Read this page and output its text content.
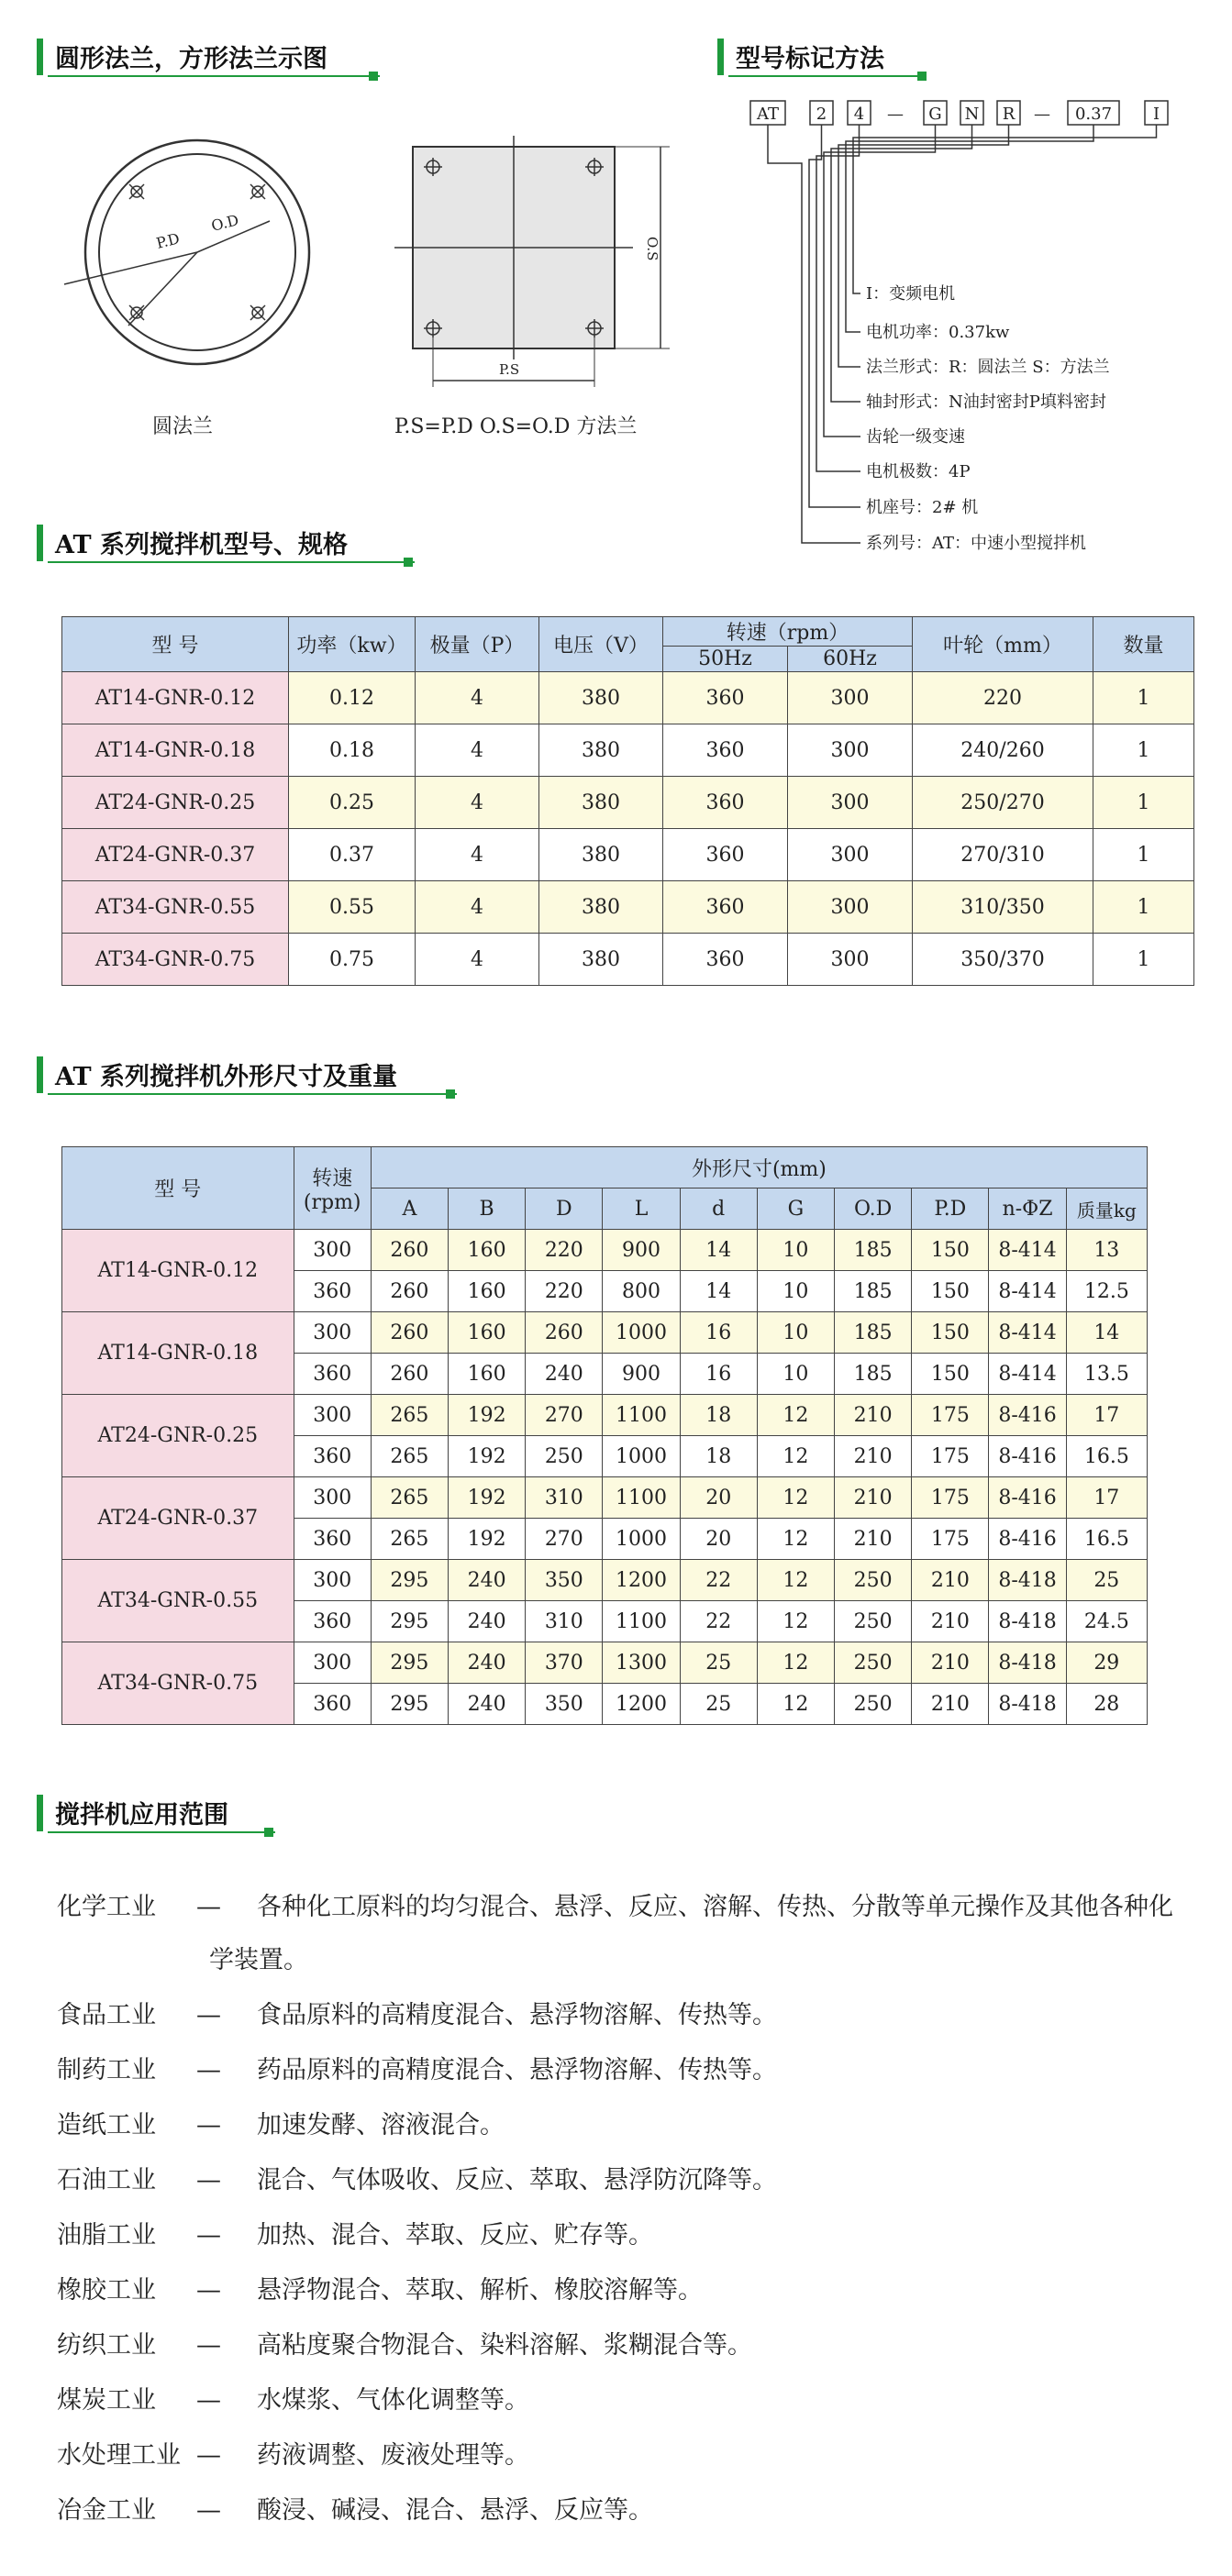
圆形法兰，方形法兰示图	型号标记方法
P.D
O.D
圆法兰
P.S
O.S
P.S=P.D O.S=O.D 方法兰
AT 2 4	G N R	0.37 I
—	—
I：变频电机
电机功率：0.37kw
法兰形式：R：圆法兰 S：方法兰
轴封形式：N油封密封P填料密封
齿轮一级变速
电机极数：4P
机座号：2# 机
系列号：AT：中速小型搅拌机
AT 系列搅拌机型号、规格
型 号	功率（kw）	极量（P）	电压（V）	转速（rpm）		叶轮（mm）	数量
				50Hz	60Hz		
AT14-GNR-0.12	0.12	4	380	360	300	220	1
AT14-GNR-0.18	0.18	4	380	360	300	240/260	1
AT24-GNR-0.25	0.25	4	380	360	300	250/270	1
AT24-GNR-0.37	0.37	4	380	360	300	270/310	1
AT34-GNR-0.55	0.55	4	380	360	300	310/350	1
AT34-GNR-0.75	0.75	4	380	360	300	350/370	1
AT 系列搅拌机外形尺寸及重量
型 号	转速
(rpm)	外形尺寸(mm)									
		A	B	D	L	d	G	O.D	P.D	n-ΦZ	质量kg
AT14-GNR-0.12	300	260	160	220	900	14	10	185	150	8-414	13
	360	260	160	220	800	14	10	185	150	8-414	12.5
AT14-GNR-0.18	300	260	160	260	1000	16	10	185	150	8-414	14
	360	260	160	240	900	16	10	185	150	8-414	13.5
AT24-GNR-0.25	300	265	192	270	1100	18	12	210	175	8-416	17
	360	265	192	250	1000	18	12	210	175	8-416	16.5
AT24-GNR-0.37	300	265	192	310	1100	20	12	210	175	8-416	17
	360	265	192	270	1000	20	12	210	175	8-416	16.5
AT34-GNR-0.55	300	295	240	350	1200	22	12	250	210	8-418	25
	360	295	240	310	1100	22	12	250	210	8-418	24.5
AT34-GNR-0.75	300	295	240	370	1300	25	12	250	210	8-418	29
	360	295	240	350	1200	25	12	250	210	8-418	28
搅拌机应用范围
化学工业 — 各种化工原料的均匀混合、悬浮、反应、溶解、传热、分散等单元操作及其他各种化
学装置。
食品工业 — 食品原料的高精度混合、悬浮物溶解、传热等。
制药工业 — 药品原料的高精度混合、悬浮物溶解、传热等。
造纸工业 — 加速发酵、溶液混合。
石油工业 — 混合、气体吸收、反应、萃取、悬浮防沉降等。
油脂工业 — 加热、混合、萃取、反应、贮存等。
橡胶工业 — 悬浮物混合、萃取、解析、橡胶溶解等。
纺织工业 — 高粘度聚合物混合、染料溶解、浆糊混合等。
煤炭工业 — 水煤浆、气体化调整等。
水处理工业 — 药液调整、废液处理等。
冶金工业 — 酸浸、碱浸、混合、悬浮、反应等。
